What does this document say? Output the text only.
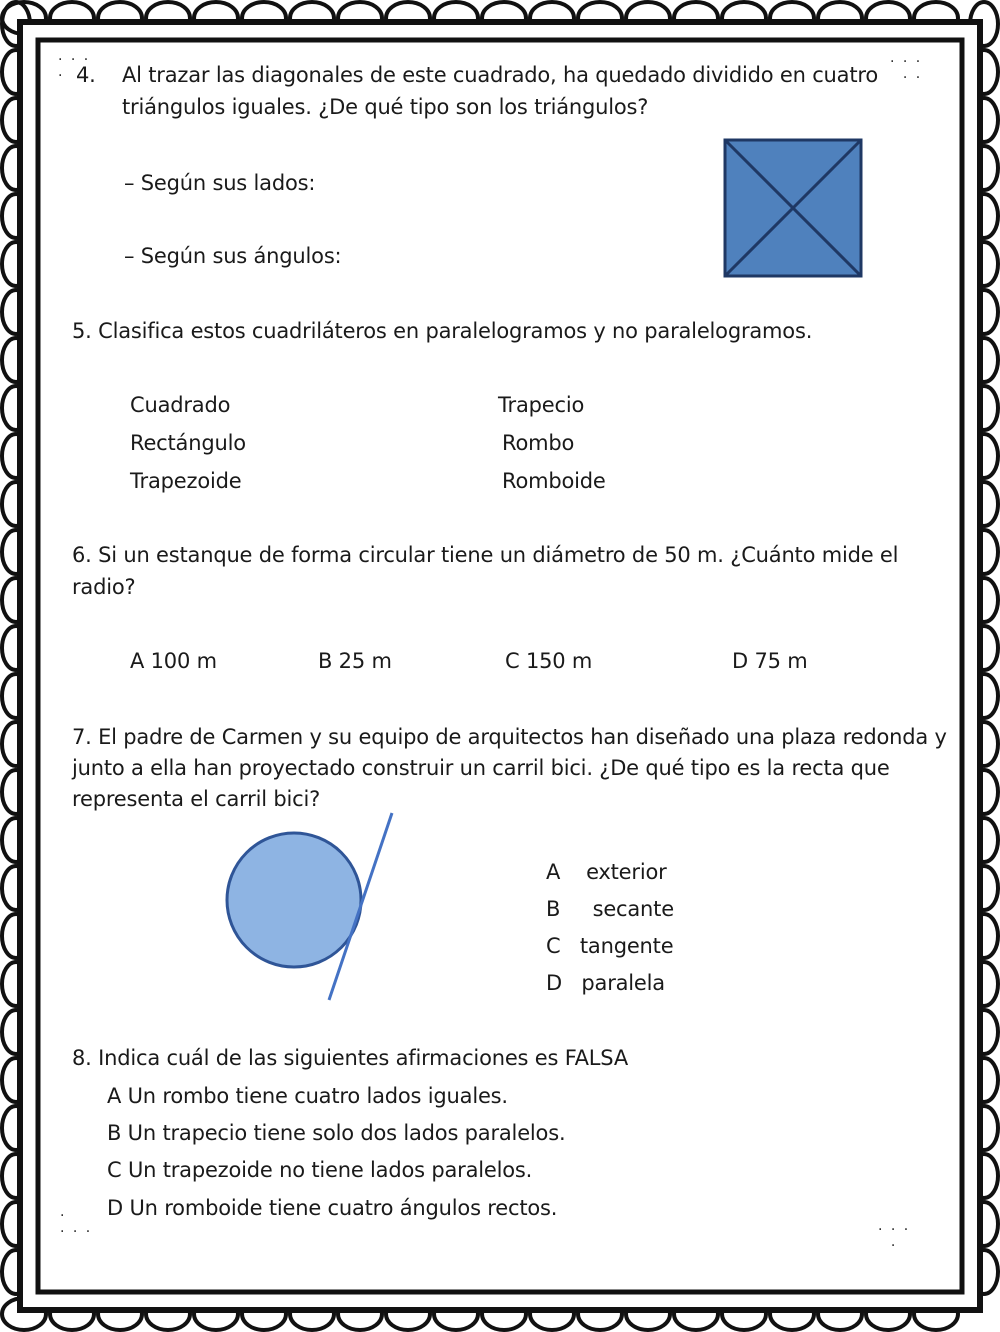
· · ·
·
· · ·
· ·
·
· · ·	· · ·
·
4. Al trazar las diagonales de este cuadrado, ha quedado dividido en cuatro
triángulos iguales. ¿De qué tipo son los triángulos?
– Según sus lados:
– Según sus ángulos:
5. Clasifica estos cuadriláteros en paralelogramos y no paralelogramos.
Cuadrado
Rectángulo
Trapezoide
Trapecio
Rombo
Romboide
6. Si un estanque de forma circular tiene un diámetro de 50 m. ¿Cuánto mide el
radio?
A 100 m	B 25 m	C 150 m	D 75 m
7. El padre de Carmen y su equipo de arquitectos han diseñado una plaza redonda y
junto a ella han proyectado construir un carril bici. ¿De qué tipo es la recta que
representa el carril bici?
A    exterior
B     secante
C   tangente
D   paralela
8. Indica cuál de las siguientes afirmaciones es FALSA
A Un rombo tiene cuatro lados iguales.
B Un trapecio tiene solo dos lados paralelos.
C Un trapezoide no tiene lados paralelos.
D Un romboide tiene cuatro ángulos rectos.
